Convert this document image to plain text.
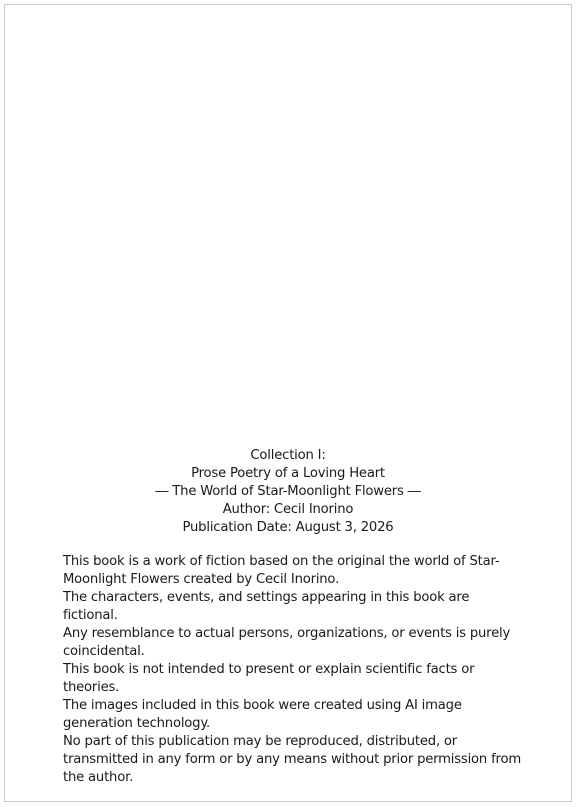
Collection Ⅰ:
Prose Poetry of a Loving Heart
― The World of Star-Moonlight Flowers ―
Author: Cecil Inorino
Publication Date: August 3, 2026

This book is a work of fiction based on the original the world of Star-Moonlight Flowers created by Cecil Inorino.

The characters, events, and settings appearing in this book are fictional.

Any resemblance to actual persons, organizations, or events is purely coincidental.

This book is not intended to present or explain scientific facts or theories.

The images included in this book were created using AI image generation technology.

No part of this publication may be reproduced, distributed, or transmitted in any form or by any means without prior permission from the author.
